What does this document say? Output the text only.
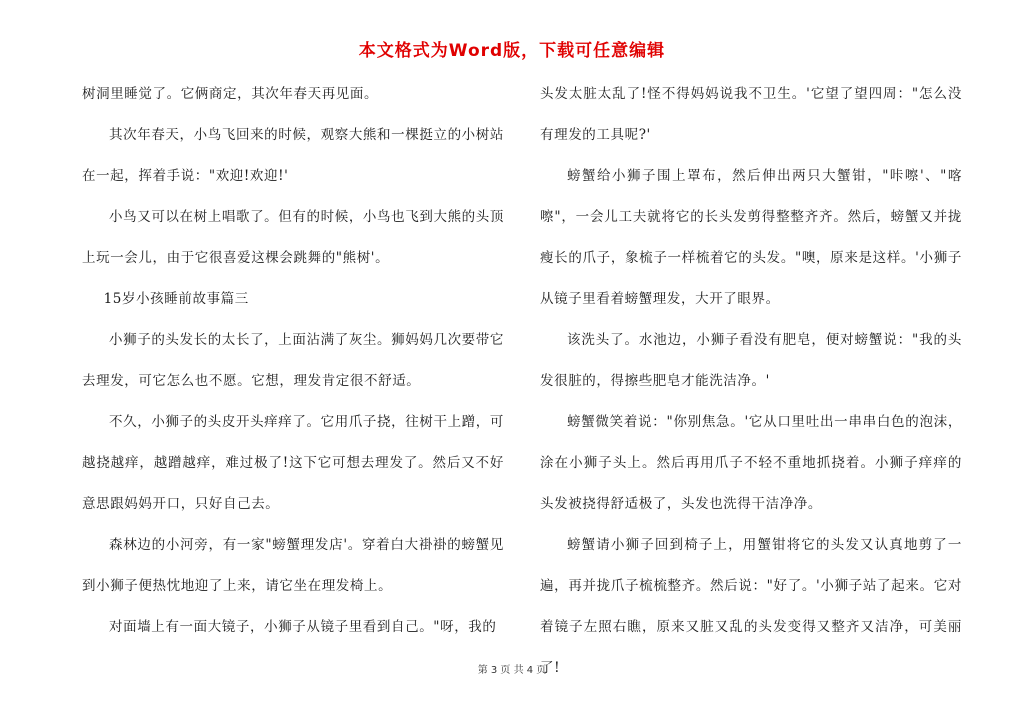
本文格式为Word版，下载可任意编辑

树洞里睡觉了。它俩商定，其次年春天再见面。

其次年春天，小鸟飞回来的时候，观察大熊和一棵挺立的小树站在一起，挥着手说："欢迎!欢迎!'

小鸟又可以在树上唱歌了。但有的时候，小鸟也飞到大熊的头顶上玩一会儿，由于它很喜爱这棵会跳舞的"熊树'。

15岁小孩睡前故事篇三

小狮子的头发长的太长了，上面沾满了灰尘。狮妈妈几次要带它去理发，可它怎么也不愿。它想，理发肯定很不舒适。

不久，小狮子的头皮开头痒痒了。它用爪子挠，往树干上蹭，可越挠越痒，越蹭越痒，难过极了!这下它可想去理发了。然后又不好意思跟妈妈开口，只好自己去。

森林边的小河旁，有一家"螃蟹理发店'。穿着白大褂褂的螃蟹见到小狮子便热忱地迎了上来，请它坐在理发椅上。

对面墙上有一面大镜子，小狮子从镜子里看到自己。"呀，我的

头发太脏太乱了!怪不得妈妈说我不卫生。'它望了望四周："怎么没有理发的工具呢?'

螃蟹给小狮子围上罩布，然后伸出两只大蟹钳，"咔嚓'、"喀嚓"，一会儿工夫就将它的长头发剪得整整齐齐。然后，螃蟹又并拢瘦长的爪子，象梳子一样梳着它的头发。"噢，原来是这样。'小狮子从镜子里看着螃蟹理发，大开了眼界。

该洗头了。水池边，小狮子看没有肥皂，便对螃蟹说："我的头发很脏的，得擦些肥皂才能洗洁净。'

螃蟹微笑着说："你别焦急。'它从口里吐出一串串白色的泡沫，涂在小狮子头上。然后再用爪子不轻不重地抓挠着。小狮子痒痒的头发被挠得舒适极了，头发也洗得干洁净净。

螃蟹请小狮子回到椅子上，用蟹钳将它的头发又认真地剪了一遍，再并拢爪子梳梳整齐。然后说："好了。'小狮子站了起来。它对着镜子左照右瞧，原来又脏又乱的头发变得又整齐又洁净，可美丽了!

第 3 页 共 4 页
